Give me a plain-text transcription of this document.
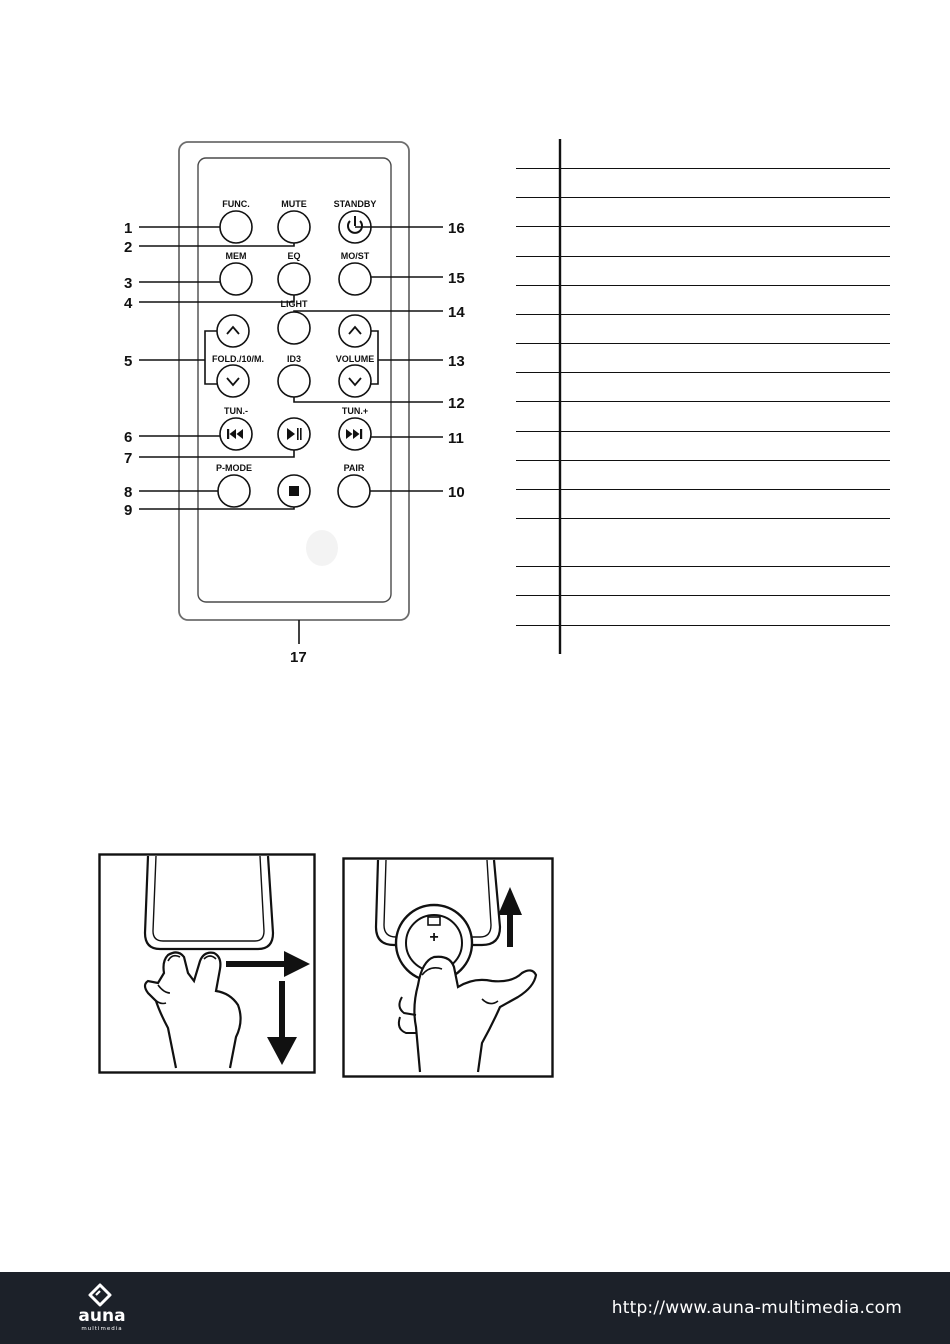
FUNC.	MUTE	STANDBY
MEM	EQ	MO/ST
LIGHT
FOLD./10/M.	ID3	VOLUME
TUN.-	TUN.+
P-MODE	PAIR
1
2
3
4
5
6
7
8
9
10
11
12
13
14
15
16
17
+
auna
multimedia
http://www.auna-multimedia.com
